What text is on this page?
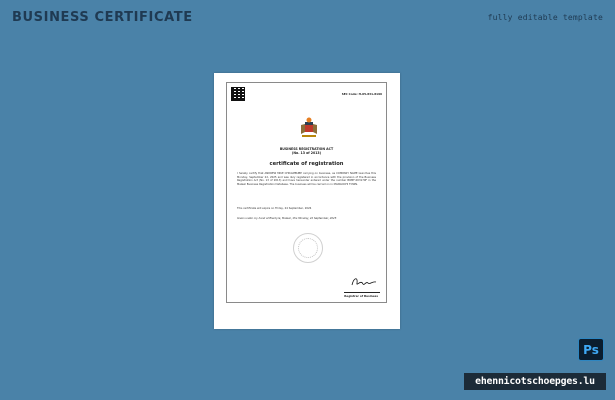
BUSINESS CERTIFICATE	fully editable template
SEC Code: H-05-831-8199
BUSINESS REGISTRATION ACT
(No. 13 of 2013)
certificate of registration
I hereby certify that ANDREW MIKE CHIKAMBUBE carrying on business, as COMPANY NAME launches this Monday, September 22, 2025 and was duly registered in accordance with the provision of the Business Registration Act (No. 13 of 2013) and have hereunder entered under the number BRMF-003179F in the Malawi Business Registration Database. The business will be carried on in MANGOCHI TOWN.
This certificate will expire on Friday, 24 September, 2026
Given under my hand at Blantyre, Malawi, this Monday, 22 September, 2025
Registrar of Business
Ps
ehennicotschoepges.lu
